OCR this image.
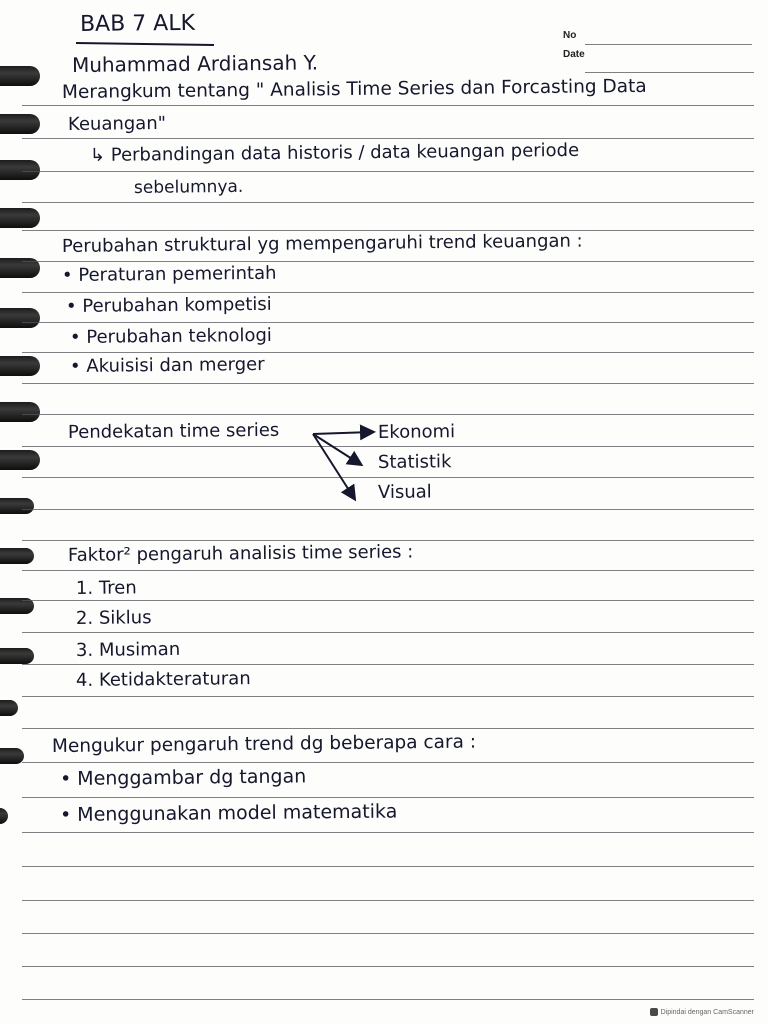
No
Date
BAB 7 ALK
Muhammad Ardiansah Y.
Merangkum tentang " Analisis Time Series dan Forcasting Data
Keuangan"
↳ Perbandingan data historis / data keuangan periode
sebelumnya.
Perubahan struktural yg mempengaruhi trend keuangan :
• Peraturan pemerintah
• Perubahan kompetisi
• Perubahan teknologi
• Akuisisi dan merger
Pendekatan time series	Ekonomi
Statistik
Visual
Faktor² pengaruh analisis time series :
1. Tren
2. Siklus
3. Musiman
4. Ketidakteraturan
Mengukur pengaruh trend dg beberapa cara :
• Menggambar dg tangan
• Menggunakan model matematika
Dipindai dengan CamScanner
